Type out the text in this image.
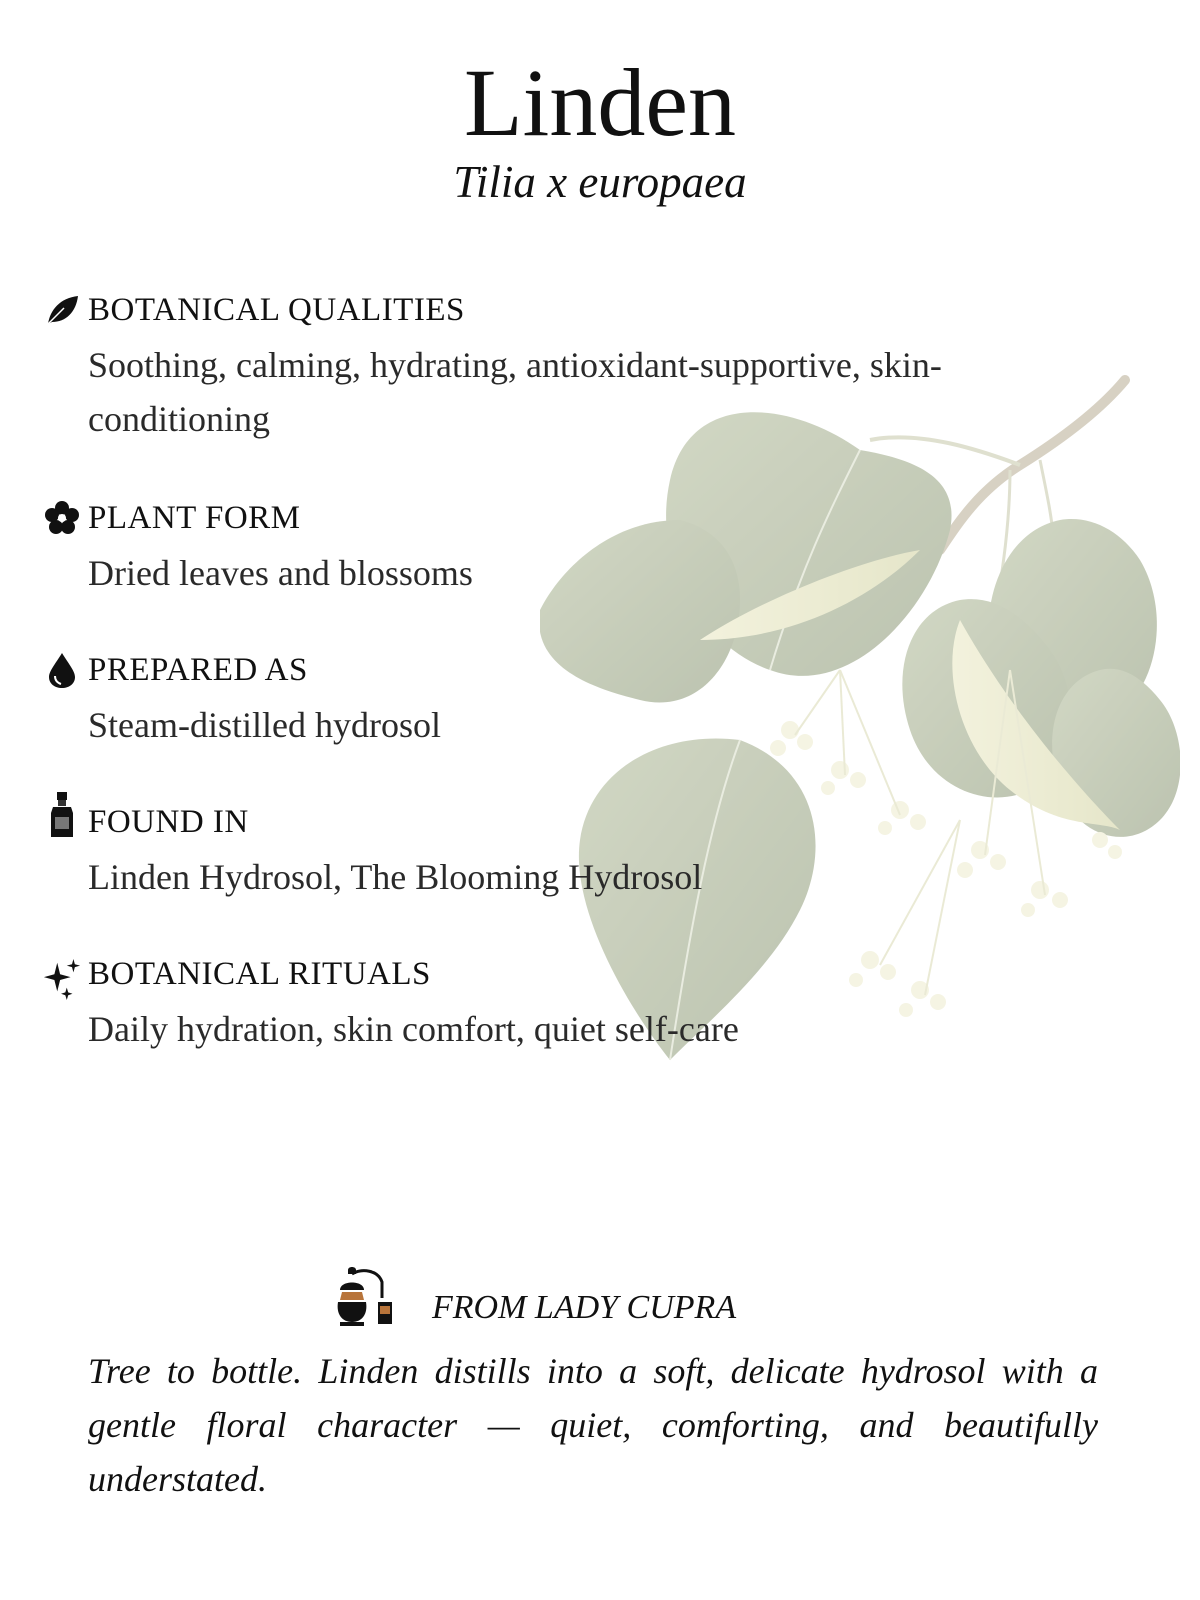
Linden
Tilia x europaea
BOTANICAL QUALITIES
Soothing, calming, hydrating, antioxidant-supportive, skin-conditioning
PLANT FORM
Dried leaves and blossoms
PREPARED AS
Steam-distilled hydrosol
FOUND IN
Linden Hydrosol, The Blooming Hydrosol
BOTANICAL RITUALS
Daily hydration, skin comfort, quiet self-care
FROM LADY CUPRA

Tree to bottle. Linden distills into a soft, delicate hydrosol with a gentle floral character — quiet, comforting, and beautifully understated.
